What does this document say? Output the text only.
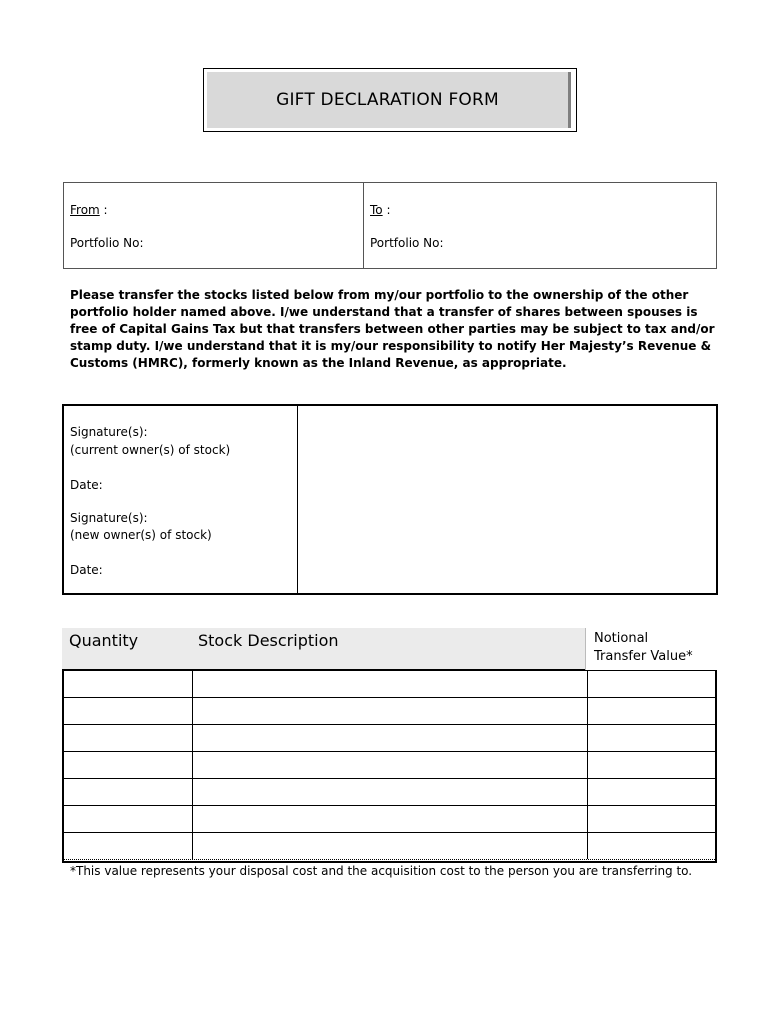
GIFT DECLARATION FORM
From :
Portfolio No:
To :
Portfolio No:
Please transfer the stocks listed below from my/our portfolio to the ownership of the other portfolio holder named above. I/we understand that a transfer of shares between spouses is free of Capital Gains Tax but that transfers between other parties may be subject to tax and/or stamp duty. I/we understand that it is my/our responsibility to notify Her Majesty’s Revenue & Customs (HMRC), formerly known as the Inland Revenue, as appropriate.
Signature(s):
(current owner(s) of stock)
Date:
Signature(s):
(new owner(s) of stock)
Date:
Quantity	Stock Description	Notional
Transfer Value*
*This value represents your disposal cost and the acquisition cost to the person you are transferring to.
